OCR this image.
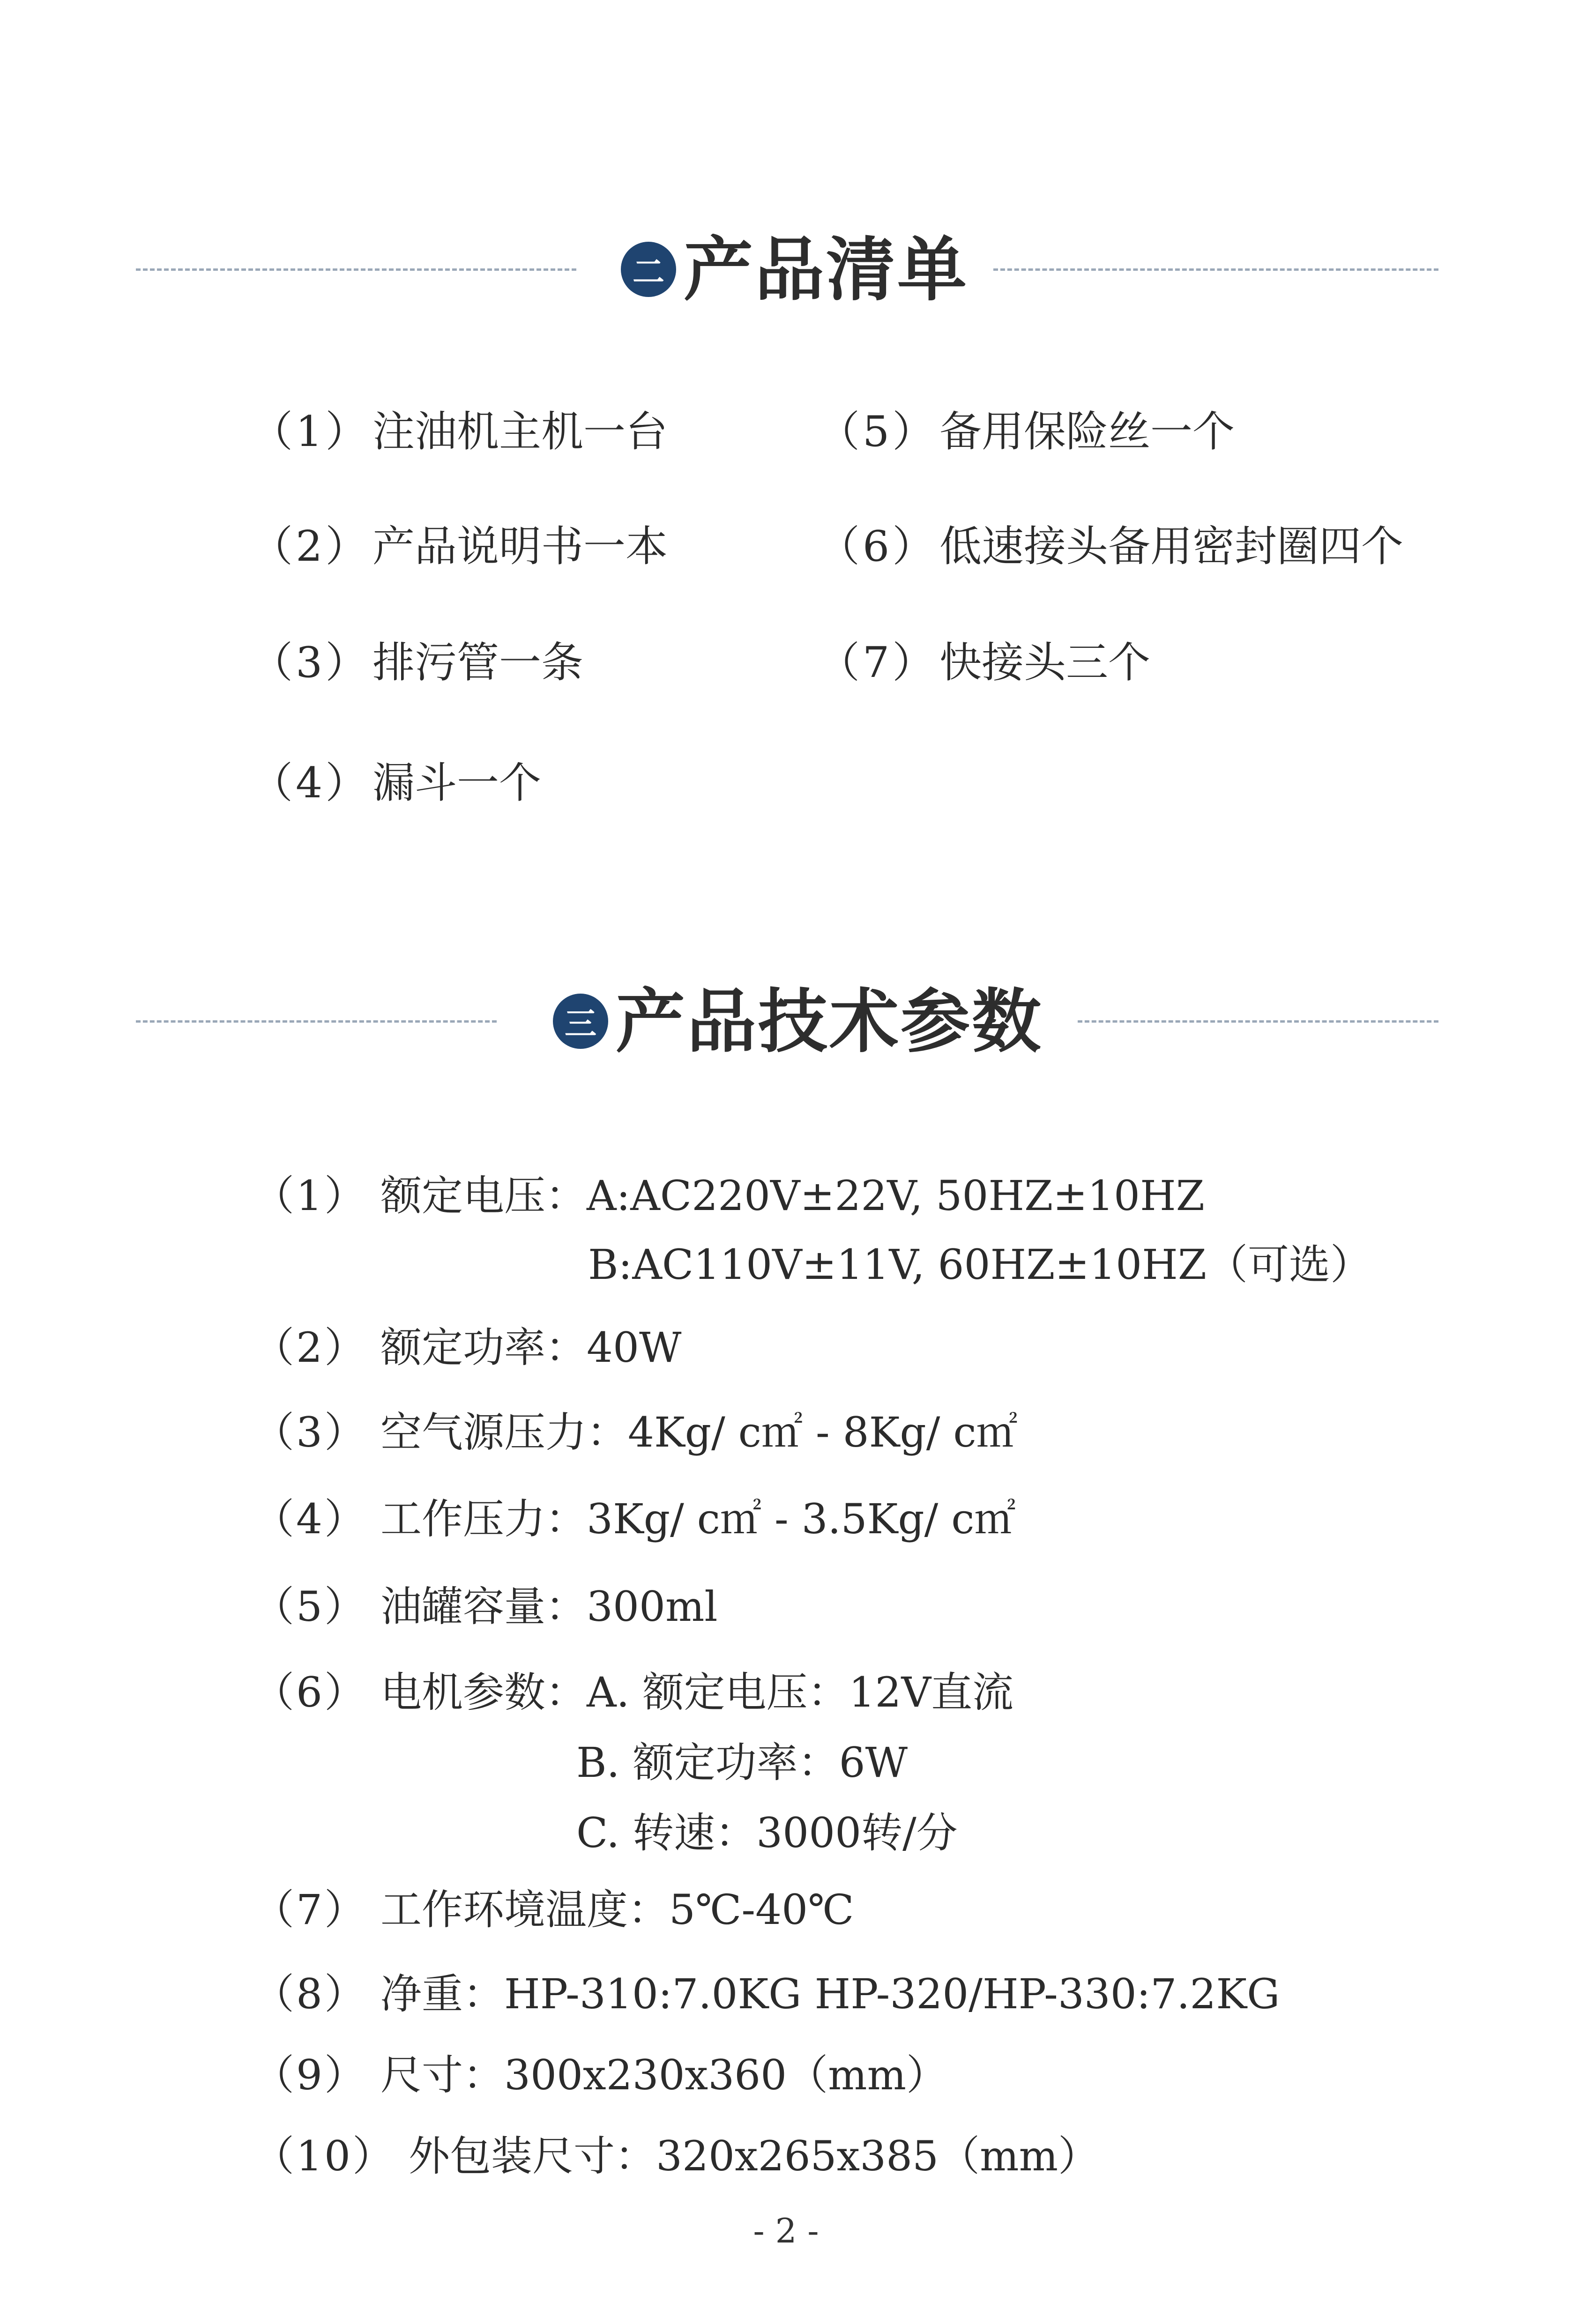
二 产品清单
（1） 注油机主机一台
（2） 产品说明书一本
（3） 排污管一条
（4） 漏斗一个
（5） 备用保险丝一个
（6） 低速接头备用密封圈四个
（7） 快接头三个
三 产品技术参数
（1） 额定电压：A:AC220V±22V, 50HZ±10HZ
B:AC110V±11V, 60HZ±10HZ（可选）
（2） 额定功率：40W
（3） 空气源压力：4Kg/ c㎡ - 8Kg/ c㎡
（4） 工作压力：3Kg/ c㎡ - 3.5Kg/ c㎡
（5） 油罐容量：300ml
（6） 电机参数：A. 额定电压：12V直流
B. 额定功率：6W
C. 转速：3000转/分
（7） 工作环境温度：5℃-40℃
（8） 净重：HP-310:7.0KG HP-320/HP-330:7.2KG
（9） 尺寸：300x230x360（mm）
（10） 外包装尺寸：320x265x385（mm）
- 2 -
